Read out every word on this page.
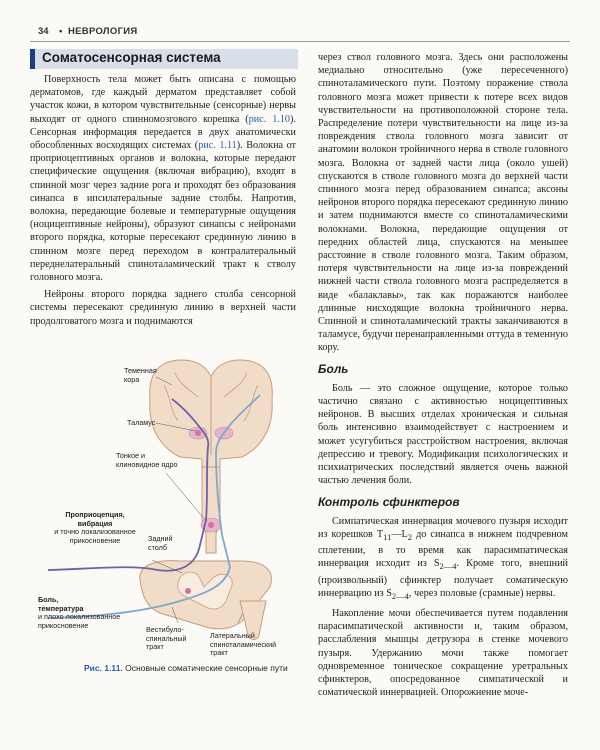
34 • НЕВРОЛОГИЯ
Соматосенсорная система

Поверхность тела может быть описана с помощью дерматомов, где каждый дерматом представляет собой участок кожи, в котором чувствительные (сенсорные) нервы выходят от одного спинномозгового корешка (рис. 1.10). Сенсорная информация передается в двух анатомически обособленных восходящих системах (рис. 1.11). Волокна от проприоцептивных органов и волокна, которые передают специфические ощущения (включая вибрацию), входят в спинной мозг через задние рога и проходят без образования синапса в ипсилатеральные задние столбы. Напротив, волокна, передающие болевые и температурные ощущения (ноцицептивные нейроны), образуют синапсы с нейронами второго порядка, которые пересекают срединную линию в спинном мозге перед переходом в контралатеральный переднелатеральный спиноталамический тракт к стволу головного мозга.

Нейроны второго порядка заднего столба сенсорной системы пересекают срединную линию в верхней части продолговатого мозга и поднимаются

Теменная
кора
Таламус
Тонкое и
клиновидное ядро
Проприоцепция,
вибрация
и точно локализованное
прикосновение	Задний
столб
Боль,
температура
и плохо локализованное
прикосновение	Вестибуло-
спинальный
тракт
Латеральный
спиноталамический
тракт
Рис. 1.11. Основные соматические сенсорные пути

через ствол головного мозга. Здесь они расположены медиально относительно (уже пересеченного) спиноталамического пути. Поэтому поражение ствола головного мозга может привести к потере всех видов чувствительности на противоположной стороне тела. Распределение потери чувствительности на лице из-за повреждения ствола головного мозга зависит от анатомии волокон тройничного нерва в стволе головного мозга. Волокна от задней части лица (около ушей) спускаются в стволе головного мозга до верхней части спинного мозга перед образованием синапса; аксоны нейронов второго порядка пересекают срединную линию и затем поднимаются вместе со спиноталамическими волокнами. Волокна, передающие ощущения от передних областей лица, спускаются на меньшее расстояние в стволе головного мозга. Таким образом, потеря чувствительности на лице из-за повреждений нижней части ствола головного мозга распределяется в виде «балаклавы», так как поражаются наиболее длинные нисходящие волокна тройничного нерва. Спинной и спиноталамический тракты заканчиваются в таламусе, будучи перенаправленными оттуда в теменную кору.

Боль

Боль — это сложное ощущение, которое только частично связано с активностью ноцицептивных нейронов. В высших отделах хроническая и сильная боль интенсивно взаимодействует с настроением и может усугубиться расстройством настроения, включая депрессию и тревогу. Модификация психологических и психиатрических последствий является очень важной частью лечения боли.

Контроль сфинктеров

Симпатическая иннервация мочевого пузыря исходит из корешков $T_{11}—L_2$ до синапса в нижнем подчревном сплетении, в то время как парасимпатическая иннервация исходит из $S_{2—4}$. Кроме того, внешний (произвольный) сфинктер получает соматическую иннервацию из $S_{2—4}$, через половые (срамные) нервы.

Накопление мочи обеспечивается путем подавления парасимпатической активности и, таким образом, расслабления мышцы детрузора в стенке мочевого пузыря. Удержанию мочи также помогает одновременное тоническое сокращение уретральных сфинктеров, опосредованное симпатической и соматической иннервацией. Опорожнение моче-
